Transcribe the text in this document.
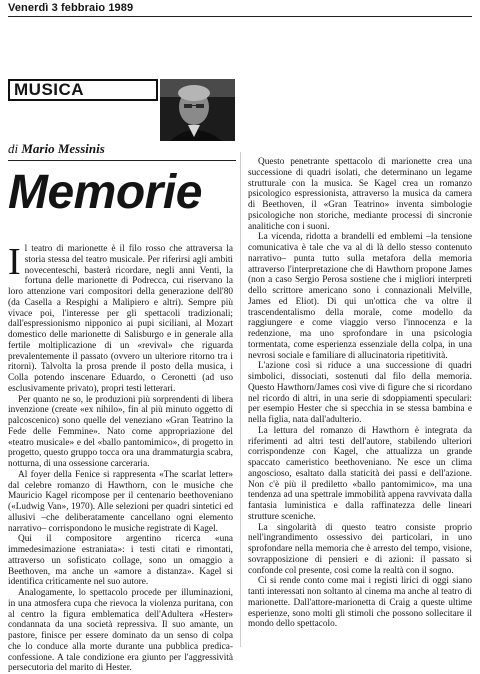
Venerdì 3 febbraio 1989
MUSICA
di Mario Messinis
Memorie

Il teatro di marionette è il filo rosso che attraversa la storia stessa del teatro musicale. Per riferirsi agli ambiti novecenteschi, basterà ricordare, negli anni Venti, la fortuna delle marionette di Podrecca, cui riservano la loro attenzione vari compositori della generazione dell'80 (da Casella a Respighi a Malipiero e altri). Sempre più vivace poi, l'interesse per gli spettacoli tradizionali; dall'espressionismo nipponico ai pupi siciliani, al Mozart domestico delle marionette di Salisburgo e in generale alla fertile moltiplicazione di un «revival» che riguarda prevalentemente il passato (ovvero un ulteriore ritorno tra i ritorni). Talvolta la prosa prende il posto della musica, i Colla potendo inscenare Eduardo, o Ceronetti (ad uso esclusivamente privato), propri testi letterari.

Per quanto ne so, le produzioni più sorprendenti di libera invenzione (create «ex nihilo», fin al più minuto oggetto di palcoscenico) sono quelle del veneziano «Gran Teatrino la Fede delle Femmine». Nato come appropriazione del «teatro musicale» e del «ballo pantomimico», di progetto in progetto, questo gruppo tocca ora una drammaturgia scabra, notturna, di una ossessione carceraria.

Al foyer della Fenice si rappresenta «The scarlat letter» dal celebre romanzo di Hawthorn, con le musiche che Mauricio Kagel ricompose per il centenario beethoveniano («Ludwig Van», 1970). Alle selezioni per quadri sintetici ed allusivi –che deliberatamente cancellano ogni elemento narrativo– corrispondono le musiche registrate di Kagel.

Qui il compositore argentino ricerca «una immedesimazione estraniata»: i testi citati e rimontati, attraverso un sofisticato collage, sono un omaggio a Beethoven, ma anche un «amore a distanza». Kagel si identifica criticamente nel suo autore.

Analogamente, lo spettacolo procede per illuminazioni, in una atmosfera cupa che rievoca la violenza puritana, con al centro la figura emblematica dell'Adultera «Hester» condannata da una società repressiva. Il suo amante, un pastore, finisce per essere dominato da un senso di colpa che lo conduce alla morte durante una pubblica predica-confessione. A tale condizione era giunto per l'aggressività persecutoria del marito di Hester.

Questo penetrante spettacolo di marionette crea una successione di quadri isolati, che determinano un legame strutturale con la musica. Se Kagel crea un romanzo psicologico espressionista, attraverso la musica da camera di Beethoven, il «Gran Teatrino» inventa simbologie psicologiche non storiche, mediante processi di sincronie analitiche con i suoni.

La vicenda, ridotta a brandelli ed emblemi –la tensione comunicativa è tale che va al di là dello stesso contenuto narrativo– punta tutto sulla metafora della memoria attraverso l'interpretazione che di Hawthorn propone James (non a caso Sergio Perosa sostiene che i migliori interpreti dello scrittore americano sono i connazionali Melville, James ed Eliot). Di qui un'ottica che va oltre il trascendentalismo della morale, come modello da raggiungere e come viaggio verso l'innocenza e la redenzione, ma uno sprofondare in una psicologia tormentata, come esperienza essenziale della colpa, in una nevrosi sociale e familiare di allucinatoria ripetitività.

L'azione così si riduce a una successione di quadri simbolici, dissociati, sostenuti dal filo della memoria. Questo Hawthorn/James così vive di figure che si ricordano nel ricordo di altri, in una serie di sdoppiamenti speculari: per esempio Hester che si specchia in se stessa bambina e nella figlia, nata dall'adulterio.

La lettura del romanzo di Hawthorn è integrata da riferimenti ad altri testi dell'autore, stabilendo ulteriori corrispondenze con Kagel, che attualizza un grande spaccato cameristico beethoveniano. Ne esce un clima angoscioso, esaltato dalla staticità dei passi e dell'azione. Non c'è più il prediletto «ballo pantomimico», ma una tendenza ad una spettrale immobilità appena ravvivata dalla fantasia luministica e dalla raffinatezza delle lineari strutture sceniche.

La singolarità di questo teatro consiste proprio nell'ingrandimento ossessivo dei particolari, in uno sprofondare nella memoria che è arresto del tempo, visione, sovrapposizione di pensieri e di azioni: il passato si confonde col presente, così come la realtà con il sogno.

Ci si rende conto come mai i registi lirici di oggi siano tanti interessati non soltanto al cinema ma anche al teatro di marionette. Dall'attore-marionetta di Craig a queste ultime esperienze, sono molti gli stimoli che possono sollecitare il mondo dello spettacolo.
